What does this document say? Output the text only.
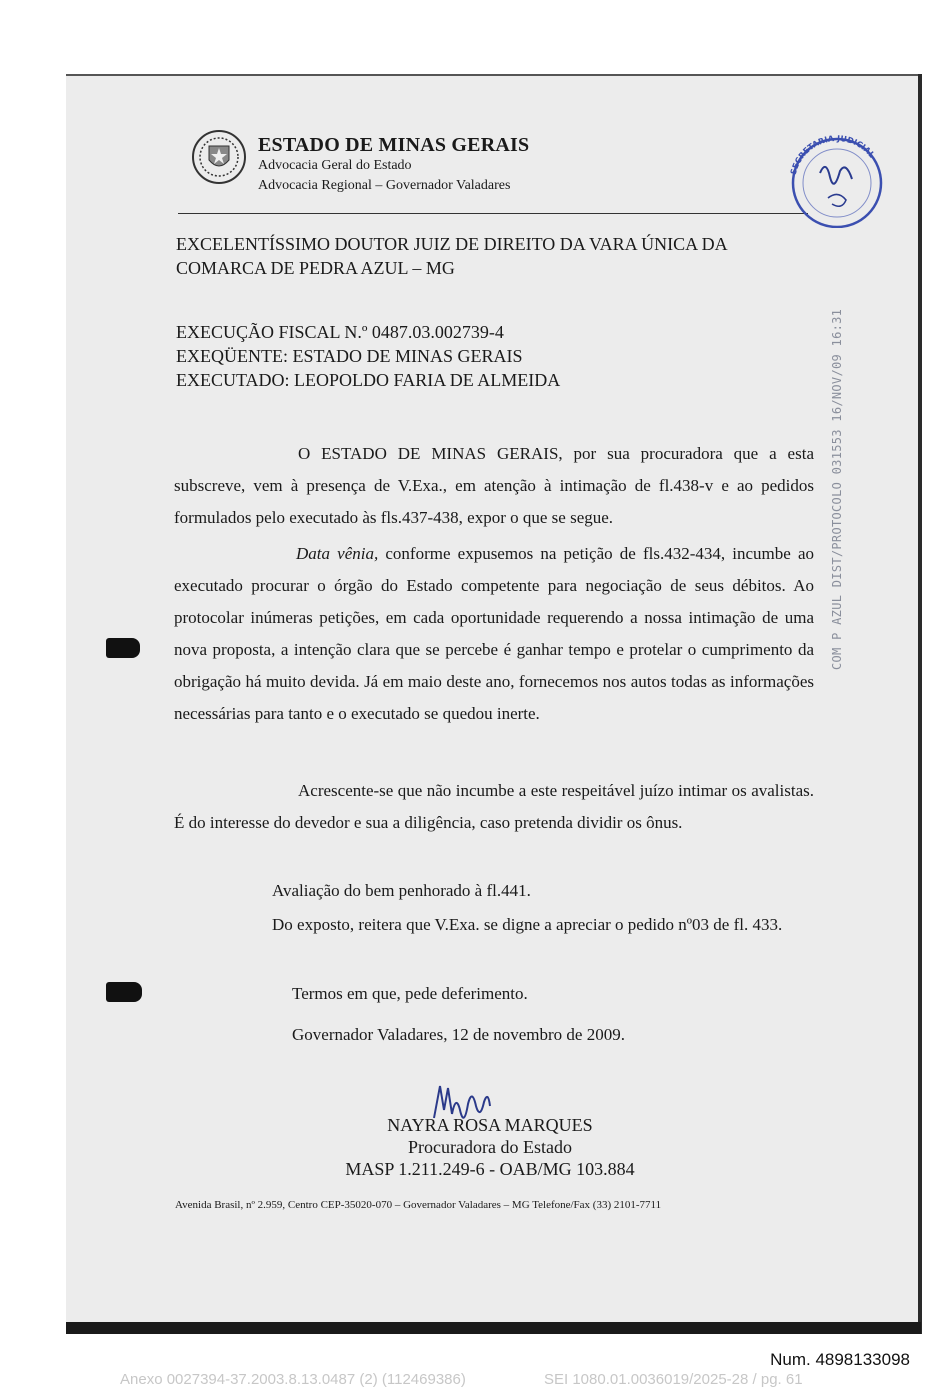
ESTADO DE MINAS GERAIS
Advocacia Geral do Estado
Advocacia Regional – Governador Valadares
SECRETARIA JUDICIAL
EXCELENTÍSSIMO DOUTOR JUIZ DE DIREITO DA VARA ÚNICA DA
COMARCA DE PEDRA AZUL – MG
EXECUÇÃO FISCAL N.º 0487.03.002739-4
EXEQÜENTE: ESTADO DE MINAS GERAIS
EXECUTADO: LEOPOLDO FARIA DE ALMEIDA
O ESTADO DE MINAS GERAIS, por sua procuradora que a esta subscreve, vem à presença de V.Exa., em atenção à intimação de fl.438-v e ao pedidos formulados pelo executado às fls.437-438, expor o que se segue.
Data vênia, conforme expusemos na petição de fls.432-434, incumbe ao executado procurar o órgão do Estado competente para negociação de seus débitos. Ao protocolar inúmeras petições, em cada oportunidade requerendo a nossa intimação de uma nova proposta, a intenção clara que se percebe é ganhar tempo e protelar o cumprimento da obrigação há muito devida. Já em maio deste ano, fornecemos nos autos todas as informações necessárias para tanto e o executado se quedou inerte.
Acrescente-se que não incumbe a este respeitável juízo intimar os avalistas. É do interesse do devedor e sua a diligência, caso pretenda dividir os ônus.
Avaliação do bem penhorado à fl.441.
Do exposto, reitera que V.Exa. se digne a apreciar o pedido nº03 de fl. 433.
Termos em que, pede deferimento.
Governador Valadares, 12 de novembro de 2009.
NAYRA ROSA MARQUES
Procuradora do Estado
MASP 1.211.249-6 - OAB/MG 103.884
Avenida Brasil, nº 2.959, Centro CEP-35020-070 – Governador Valadares – MG Telefone/Fax (33) 2101-7711
COM P AZUL DIST/PROTOCOLO 031553 16/NOV/09 16:31
Num. 4898133098
Anexo 0027394-37.2003.8.13.0487 (2) (112469386)	SEI 1080.01.0036019/2025-28 / pg. 61
